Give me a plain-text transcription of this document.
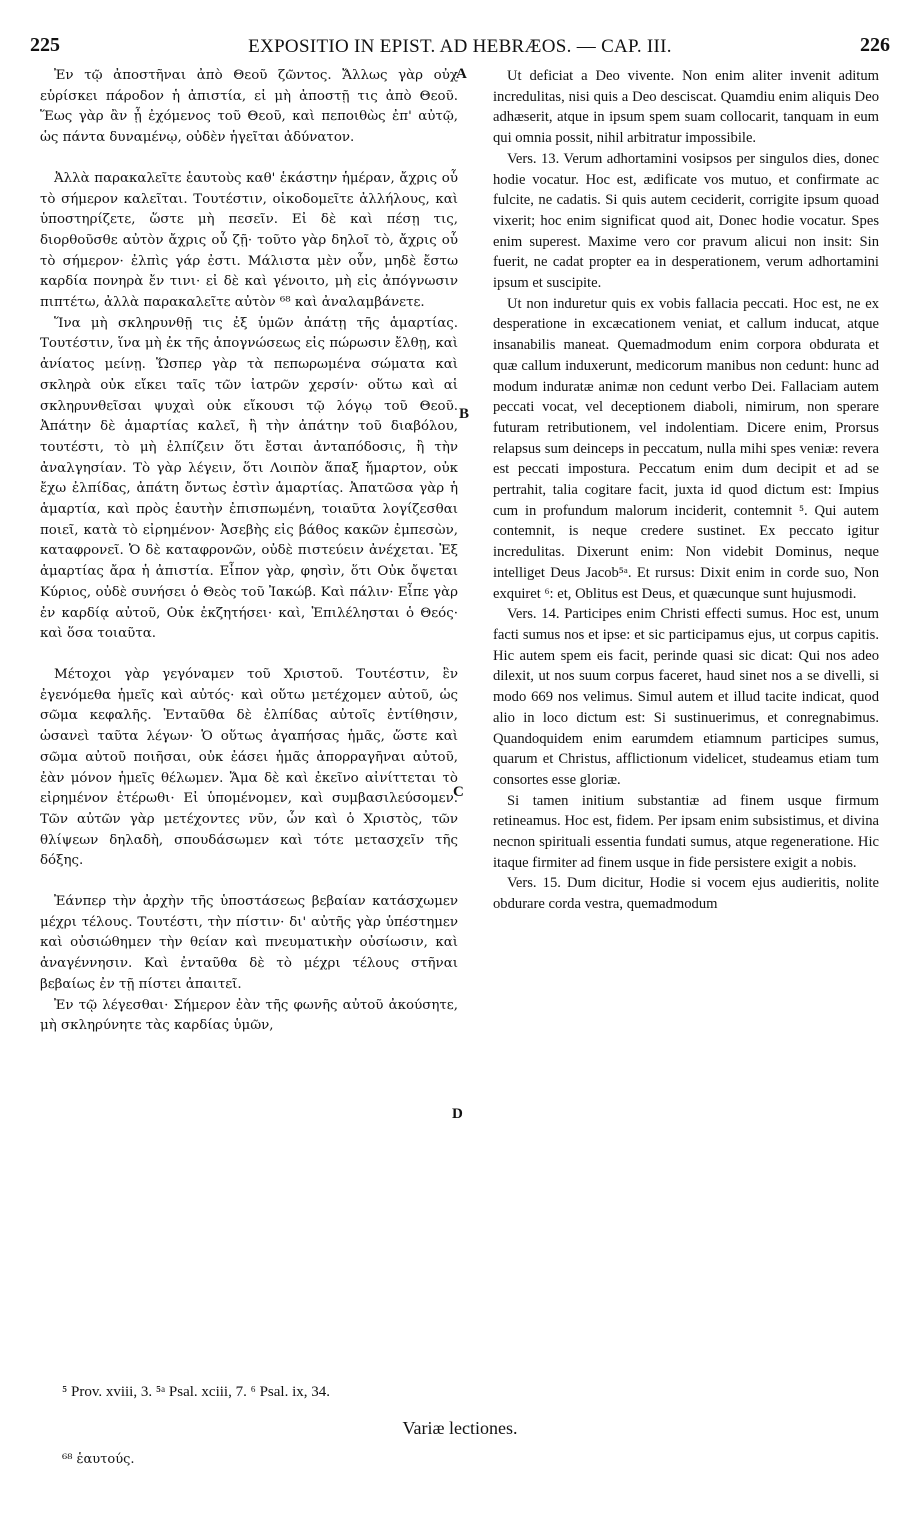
225	EXPOSITIO IN EPIST. AD HEBRÆOS. — CAP. III.	226

Ἐν τῷ ἀποστῆναι ἀπὸ Θεοῦ ζῶντος. Ἄλλως γὰρ οὐχ εὑρίσκει πάροδον ἡ ἀπιστία, εἰ μὴ ἀποστῇ τις ἀπὸ Θεοῦ. Ἕως γὰρ ἂν ᾖ ἐχόμενος τοῦ Θεοῦ, καὶ πεποιθὼς ἐπ' αὐτῷ, ὡς πάντα δυναμένῳ, οὐδὲν ἡγεῖται ἀδύνατον.

Ἀλλὰ παρακαλεῖτε ἑαυτοὺς καθ' ἑκάστην ἡμέραν, ἄχρις οὗ τὸ σήμερον καλεῖται. Τουτέστιν, οἰκοδομεῖτε ἀλλήλους, καὶ ὑποστηρίζετε, ὥστε μὴ πεσεῖν. Εἰ δὲ καὶ πέσῃ τις, διορθοῦσθε αὐτὸν ἄχρις οὗ ζῇ· τοῦτο γὰρ δηλοῖ τὸ, ἄχρις οὗ τὸ σήμερον· ἐλπὶς γάρ ἐστι. Μάλιστα μὲν οὖν, μηδὲ ἔστω καρδία πονηρὰ ἔν τινι· εἰ δὲ καὶ γένοιτο, μὴ εἰς ἀπόγνωσιν πιπτέτω, ἀλλὰ παρακαλεῖτε αὐτὸν ⁶⁸ καὶ ἀναλαμβάνετε.

Ἵνα μὴ σκληρυνθῇ τις ἐξ ὑμῶν ἀπάτῃ τῆς ἁμαρτίας. Τουτέστιν, ἵνα μὴ ἐκ τῆς ἀπογνώσεως εἰς πώρωσιν ἔλθῃ, καὶ ἀνίατος μείνῃ. Ὥσπερ γὰρ τὰ πεπωρωμένα σώματα καὶ σκληρὰ οὐκ εἴκει ταῖς τῶν ἰατρῶν χερσίν· οὕτω καὶ αἱ σκληρυνθεῖσαι ψυχαὶ οὐκ εἴκουσι τῷ λόγῳ τοῦ Θεοῦ. Ἀπάτην δὲ ἁμαρτίας καλεῖ, ἢ τὴν ἀπάτην τοῦ διαβόλου, τουτέστι, τὸ μὴ ἐλπίζειν ὅτι ἔσται ἀνταπόδοσις, ἢ τὴν ἀναλγησίαν. Τὸ γὰρ λέγειν, ὅτι Λοιπὸν ἅπαξ ἥμαρτον, οὐκ ἔχω ἐλπίδας, ἀπάτη ὄντως ἐστὶν ἁμαρτίας. Ἀπατῶσα γὰρ ἡ ἁμαρτία, καὶ πρὸς ἑαυτὴν ἐπισπωμένη, τοιαῦτα λογίζεσθαι ποιεῖ, κατὰ τὸ εἰρημένον· Ἀσεβὴς εἰς βάθος κακῶν ἐμπεσὼν, καταφρονεῖ. Ὁ δὲ καταφρονῶν, οὐδὲ πιστεύειν ἀνέχεται. Ἐξ ἁμαρτίας ἄρα ἡ ἀπιστία. Εἶπον γὰρ, φησὶν, ὅτι Οὐκ ὄψεται Κύριος, οὐδὲ συνήσει ὁ Θεὸς τοῦ Ἰακώβ. Καὶ πάλιν· Εἶπε γὰρ ἐν καρδίᾳ αὐτοῦ, Οὐκ ἐκζητήσει· καὶ, Ἐπιλέλησται ὁ Θεός· καὶ ὅσα τοιαῦτα.

Μέτοχοι γὰρ γεγόναμεν τοῦ Χριστοῦ. Τουτέστιν, ἓν ἐγενόμεθα ἡμεῖς καὶ αὐτός· καὶ οὕτω μετέχομεν αὐτοῦ, ὡς σῶμα κεφαλῆς. Ἐνταῦθα δὲ ἐλπίδας αὐτοῖς ἐντίθησιν, ὡσανεὶ ταῦτα λέγων· Ὁ οὕτως ἀγαπήσας ἡμᾶς, ὥστε καὶ σῶμα αὐτοῦ ποιῆσαι, οὐκ ἐάσει ἡμᾶς ἀπορραγῆναι αὐτοῦ, ἐὰν μόνον ἡμεῖς θέλωμεν. Ἅμα δὲ καὶ ἐκεῖνο αἰνίττεται τὸ εἰρημένον ἑτέρωθι· Εἰ ὑπομένομεν, καὶ συμβασιλεύσομεν. Τῶν αὐτῶν γὰρ μετέχοντες νῦν, ὧν καὶ ὁ Χριστὸς, τῶν θλίψεων δηλαδὴ, σπουδάσωμεν καὶ τότε μετασχεῖν τῆς δόξης.

Ἐάνπερ τὴν ἀρχὴν τῆς ὑποστάσεως βεβαίαν κατάσχωμεν μέχρι τέλους. Τουτέστι, τὴν πίστιν· δι' αὐτῆς γὰρ ὑπέστημεν καὶ οὐσιώθημεν τὴν θείαν καὶ πνευματικὴν οὐσίωσιν, καὶ ἀναγέννησιν. Καὶ ἐνταῦθα δὲ τὸ μέχρι τέλους στῆναι βεβαίως ἐν τῇ πίστει ἀπαιτεῖ.

Ἐν τῷ λέγεσθαι· Σήμερον ἐὰν τῆς φωνῆς αὐτοῦ ἀκούσητε, μὴ σκληρύνητε τὰς καρδίας ὑμῶν,

Ut deficiat a Deo vivente. Non enim aliter invenit aditum incredulitas, nisi quis a Deo desciscat. Quamdiu enim aliquis Deo adhæserit, atque in ipsum spem suam collocarit, tanquam in eum qui omnia possit, nihil arbitratur impossibile.

Vers. 13. Verum adhortamini vosipsos per singulos dies, donec hodie vocatur. Hoc est, ædificate vos mutuo, et confirmate ac fulcite, ne cadatis. Si quis autem ceciderit, corrigite ipsum quoad vixerit; hoc enim significat quod ait, Donec hodie vocatur. Spes enim superest. Maxime vero cor pravum alicui non insit: Sin fuerit, ne cadat propter ea in desperationem, verum adhortamini ipsum et suscipite.

Ut non induretur quis ex vobis fallacia peccati. Hoc est, ne ex desperatione in excæcationem veniat, et callum inducat, atque insanabilis maneat. Quemadmodum enim corpora obdurata et quæ callum induxerunt, medicorum manibus non cedunt: hunc ad modum induratæ animæ non cedunt verbo Dei. Fallaciam autem peccati vocat, vel deceptionem diaboli, nimirum, non sperare futuram retributionem, vel indolentiam. Dicere enim, Prorsus relapsus sum deinceps in peccatum, nulla mihi spes veniæ: revera est peccati impostura. Peccatum enim dum decipit et ad se pertrahit, talia cogitare facit, juxta id quod dictum est: Impius cum in profundum malorum inciderit, contemnit ⁵. Qui autem contemnit, is neque credere sustinet. Ex peccato igitur incredulitas. Dixerunt enim: Non videbit Dominus, neque intelliget Deus Jacob⁵ᵃ. Et rursus: Dixit enim in corde suo, Non exquiret ⁶: et, Oblitus est Deus, et quæcunque sunt hujusmodi.

Vers. 14. Participes enim Christi effecti sumus. Hoc est, unum facti sumus nos et ipse: et sic participamus ejus, ut corpus capitis. Hic autem spem eis facit, perinde quasi sic dicat: Qui nos adeo dilexit, ut nos suum corpus faceret, haud sinet nos a se divelli, si modo 669 nos velimus. Simul autem et illud tacite indicat, quod alio in loco dictum est: Si sustinuerimus, et conregnabimus. Quandoquidem enim earumdem etiamnum participes sumus, quarum et Christus, afflictionum videlicet, studeamus etiam tum consortes esse gloriæ.

Si tamen initium substantiæ ad finem usque firmum retineamus. Hoc est, fidem. Per ipsam enim subsistimus, et divina necnon spirituali essentia fundati sumus, atque regeneratione. Hic itaque firmiter ad finem usque in fide persistere exigit a nobis.

Vers. 15. Dum dicitur, Hodie si vocem ejus audieritis, nolite obdurare corda vestra, quemadmodum

A
B
C
D
⁵ Prov. xviii, 3. ⁵ᵃ Psal. xciii, 7. ⁶ Psal. ix, 34.
Variæ lectiones.
⁶⁸ ἑαυτούς.
